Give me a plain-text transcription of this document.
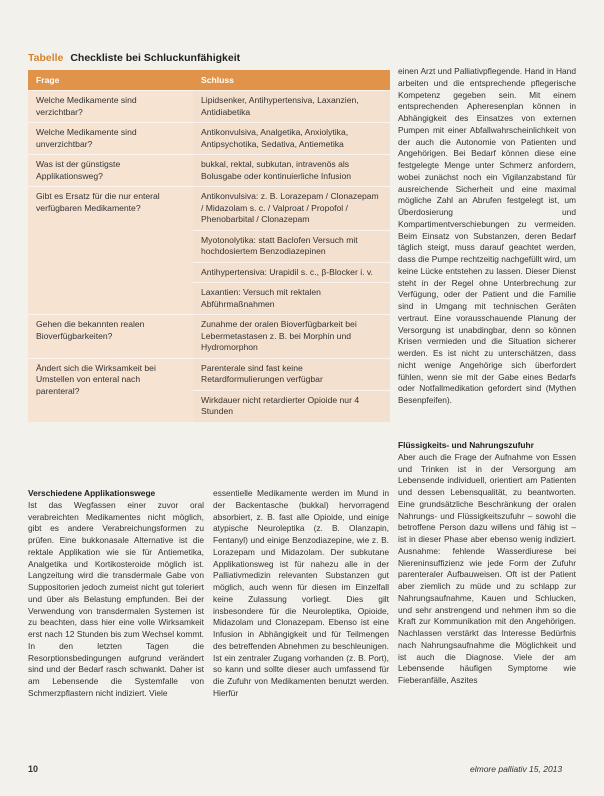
Tabelle Checkliste bei Schluckunfähigkeit
Frage	Schluss
Welche Medikamente sind verzichtbar?
Lipidsenker, Antihypertensiva, Laxanzien, Antidiabetika
Welche Medikamente sind unverzichtbar?
Antikonvulsiva, Analgetika, Anxiolytika, Antipsychotika, Sedativa, Antiemetika
Was ist der günstigste Applikationsweg?
bukkal, rektal, subkutan, intravenös als Bolusgabe oder kontinuierliche Infusion
Gibt es Ersatz für die nur enteral verfügbaren Medikamente?
Antikonvulsiva: z. B. Lorazepam / Clonazepam / Midazolam s. c. / Valproat / Propofol / Phenobarbital / Clonazepam
Myotonolytika: statt Baclofen Versuch mit hochdosiertem Benzodiazepinen
Antihypertensiva: Urapidil s. c., β-Blocker i. v.
Laxantien: Versuch mit rektalen Abführmaßnahmen
Gehen die bekannten realen Bioverfügbarkeiten?
Zunahme der oralen Bioverfügbarkeit bei Lebermetastasen z. B. bei Morphin und Hydromorphon
Ändert sich die Wirksamkeit bei Umstellen von enteral nach parenteral?
Parenterale sind fast keine Retardformulierungen verfügbar
Wirkdauer nicht retardierter Opioide nur 4 Stunden
einen Arzt und Palliativpflegende. Hand in Hand arbeiten und die entsprechende pflegerische Kompetenz gegeben sein. Mit einem entsprechenden Apheresenplan können in Abhängigkeit des Einsatzes von externen Pumpen mit einer Abfallwahrscheinlichkeit von der auch die Autonomie von Patienten und Angehörigen. Bei Bedarf können diese eine festgelegte Menge unter Schmerz anfordern, wobei zunächst noch ein Vigilanzabstand für ausreichende Sicherheit und eine maximal mögliche Zahl an Abrufen festgelegt ist, um Überdosierung und Kompartimentverschiebungen zu vermeiden. Beim Einsatz von Substanzen, deren Bedarf täglich steigt, muss darauf geachtet werden, dass die Pumpe rechtzeitig nachgefüllt wird, um keine Lücke entstehen zu lassen. Dieser Dienst steht in der Regel ohne Unterbrechung zur Verfügung, oder der Patient und die Familie sind in Umgang mit technischen Geräten vertraut. Eine vorausschauende Planung der Versorgung ist unabdingbar, denn so können Krisen vermieden und die Situation sicherer werden. Es ist nicht zu unterschätzen, dass nicht wenige Angehörige sich überfordert fühlen, wenn sie mit der Gabe eines Bedarfs oder Notfallmedikation gefordert sind (Mythen Besenpfeifen).
Flüssigkeits- und Nahrungszufuhr
Aber auch die Frage der Aufnahme von Essen und Trinken ist in der Versorgung am Lebensende individuell, orientiert am Patienten und dessen Lebensqualität, zu beantworten. Eine grundsätzliche Beschränkung der oralen Nahrungs- und Flüssigkeitszufuhr – sowohl die betroffene Person dazu willens und fähig ist – ist in dieser Phase aber ebenso wenig indiziert. Ausnahme: fehlende Wasserdiurese bei Niereninsuffizienz wie jede Form der Zufuhr parenteraler Aufbauweisen. Oft ist der Patient aber ziemlich zu müde und zu schlapp zur Nahrungsaufnahme, Kauen und Schlucken, und sehr anstrengend und nehmen ihm so die Kraft zur Kommunikation mit den Angehörigen. Nachlassen verstärkt das Interesse Bedürfnis nach Nahrungsaufnahme die Möglichkeit und ist auch die Diagnose. Viele der am Lebensende häufigen Symptome wie Fieberanfälle, Aszites
Verschiedene Applikationswege
Ist das Wegfassen einer zuvor oral verabreichten Medikamentes nicht möglich, gibt es andere Verabreichungsformen zu prüfen. Eine bukkonasale Alternative ist die rektale Applikation wie sie für Antiemetika, Analgetika und Kortikosteroide möglich ist. Langzeitung wird die transdermale Gabe von Suppositorien jedoch zumeist nicht gut toleriert und über als Belastung empfunden. Bei der Verwendung von transdermalen Systemen ist zu beachten, dass hier eine volle Wirksamkeit erst nach 12 Stunden bis zum Wechsel kommt. In den letzten Tagen die Resorptionsbedingungen aufgrund verändert sind und der Bedarf rasch schwankt. Daher ist am Lebensende die Systemfalle von Schmerzpflastern nicht indiziert. Viele
essentielle Medikamente werden im Mund in der Backentasche (bukkal) hervorragend absorbiert, z. B. fast alle Opioide, und einige atypische Neuroleptika (z. B. Olanzapin, Fentanyl) und einige Benzodiazepine, wie z. B. Lorazepam und Midazolam. Der subkutane Applikationsweg ist für nahezu alle in der Palliativmedizin relevanten Substanzen gut möglich, auch wenn für diesen im Einzelfall keine Zulassung vorliegt. Dies gilt insbesondere für die Neuroleptika, Opioide, Midazolam und Clonazepam. Ebenso ist eine Infusion in Abhängigkeit und für Teilmengen des betreffenden Abnehmen zu beschleunigen. Ist ein zentraler Zugang vorhanden (z. B. Port), so kann und sollte dieser auch umfassend für die Zufuhr von Medikamenten benutzt werden. Hierfür
10	elmore palliativ 15, 2013
